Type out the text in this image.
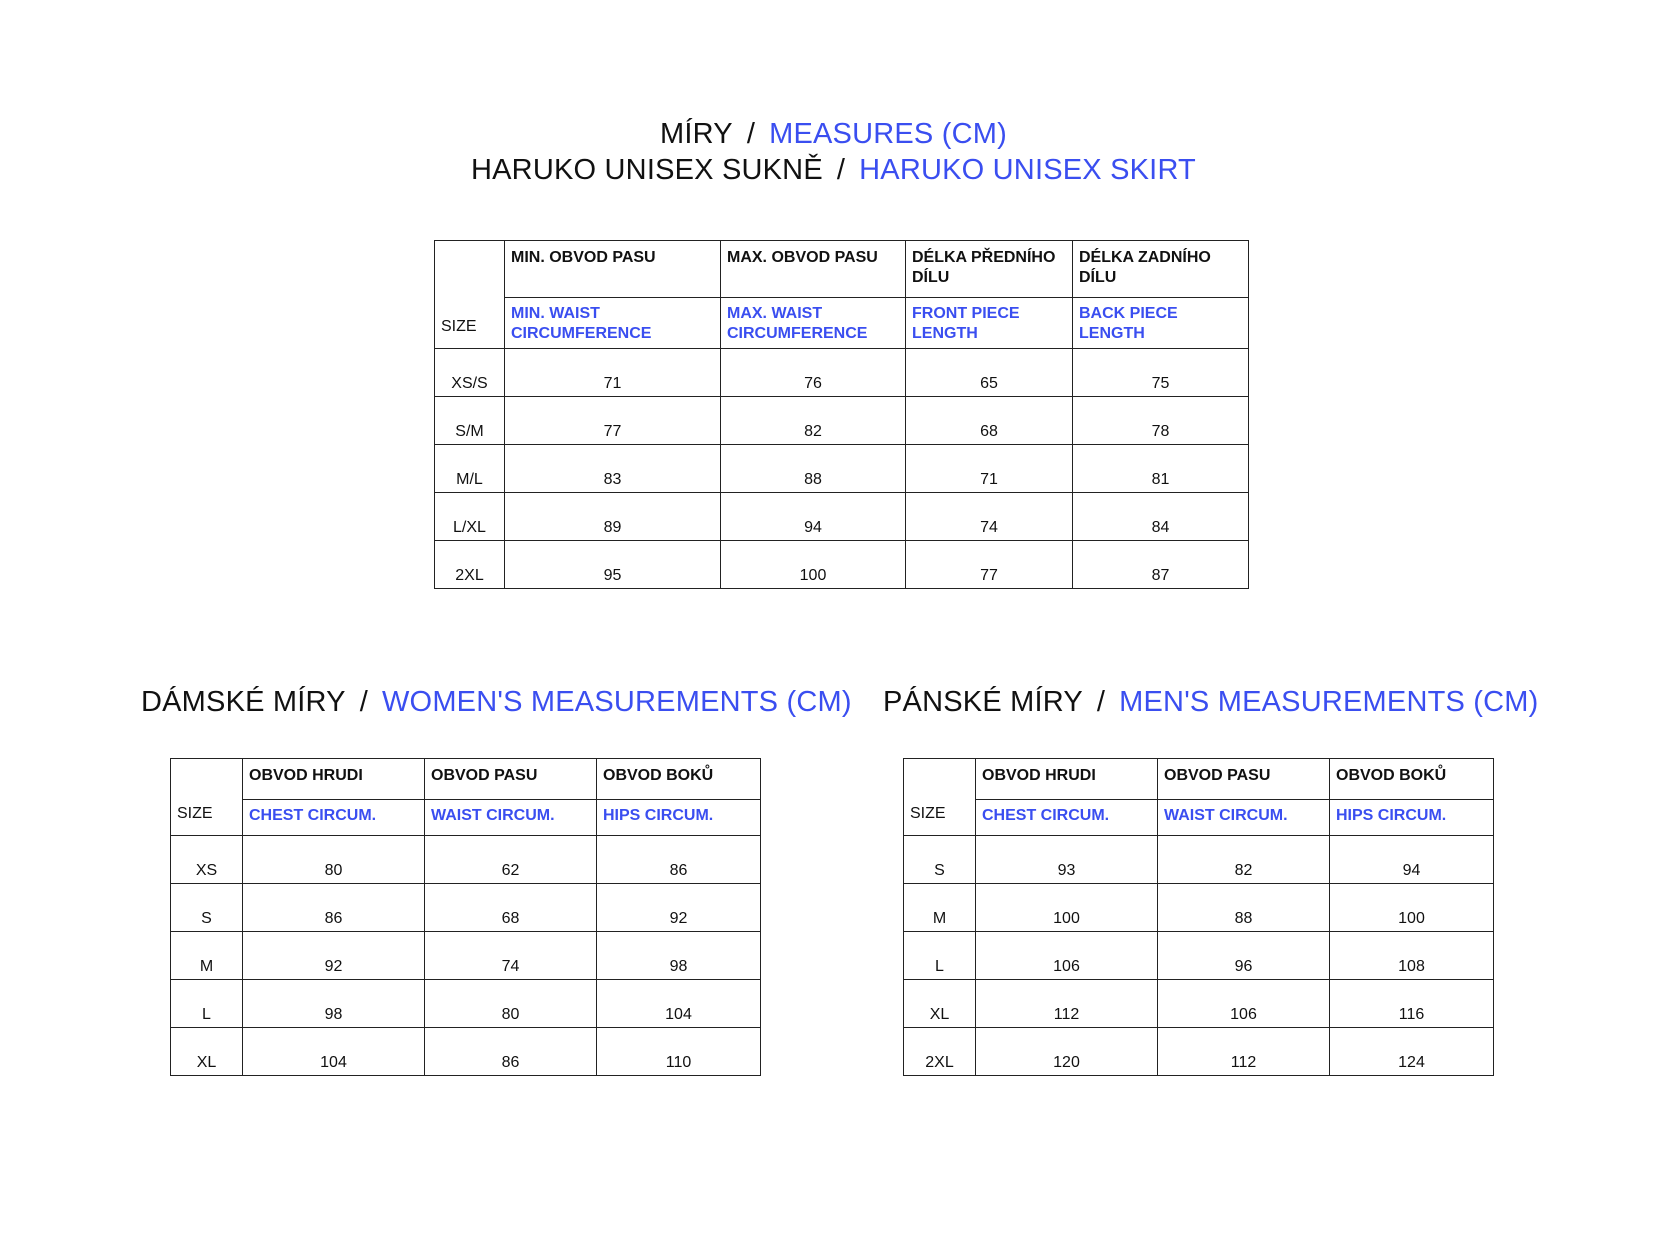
MÍRY / MEASURES (CM)
HARUKO UNISEX SUKNĚ / HARUKO UNISEX SKIRT
SIZE	MIN. OBVOD PASU	MAX. OBVOD PASU	DÉLKA PŘEDNÍHO DÍLU	DÉLKA ZADNÍHO DÍLU
	MIN. WAIST CIRCUMFERENCE	MAX. WAIST CIRCUMFERENCE	FRONT PIECE LENGTH	BACK PIECE LENGTH
XS/S	71	76	65	75
S/M	77	82	68	78
M/L	83	88	71	81
L/XL	89	94	74	84
2XL	95	100	77	87
DÁMSKÉ MÍRY / WOMEN'S MEASUREMENTS (CM)
SIZE	OBVOD HRUDI	OBVOD PASU	OBVOD BOKŮ
	CHEST CIRCUM.	WAIST CIRCUM.	HIPS CIRCUM.
XS	80	62	86
S	86	68	92
M	92	74	98
L	98	80	104
XL	104	86	110
PÁNSKÉ MÍRY / MEN'S MEASUREMENTS (CM)
SIZE	OBVOD HRUDI	OBVOD PASU	OBVOD BOKŮ
	CHEST CIRCUM.	WAIST CIRCUM.	HIPS CIRCUM.
S	93	82	94
M	100	88	100
L	106	96	108
XL	112	106	116
2XL	120	112	124
